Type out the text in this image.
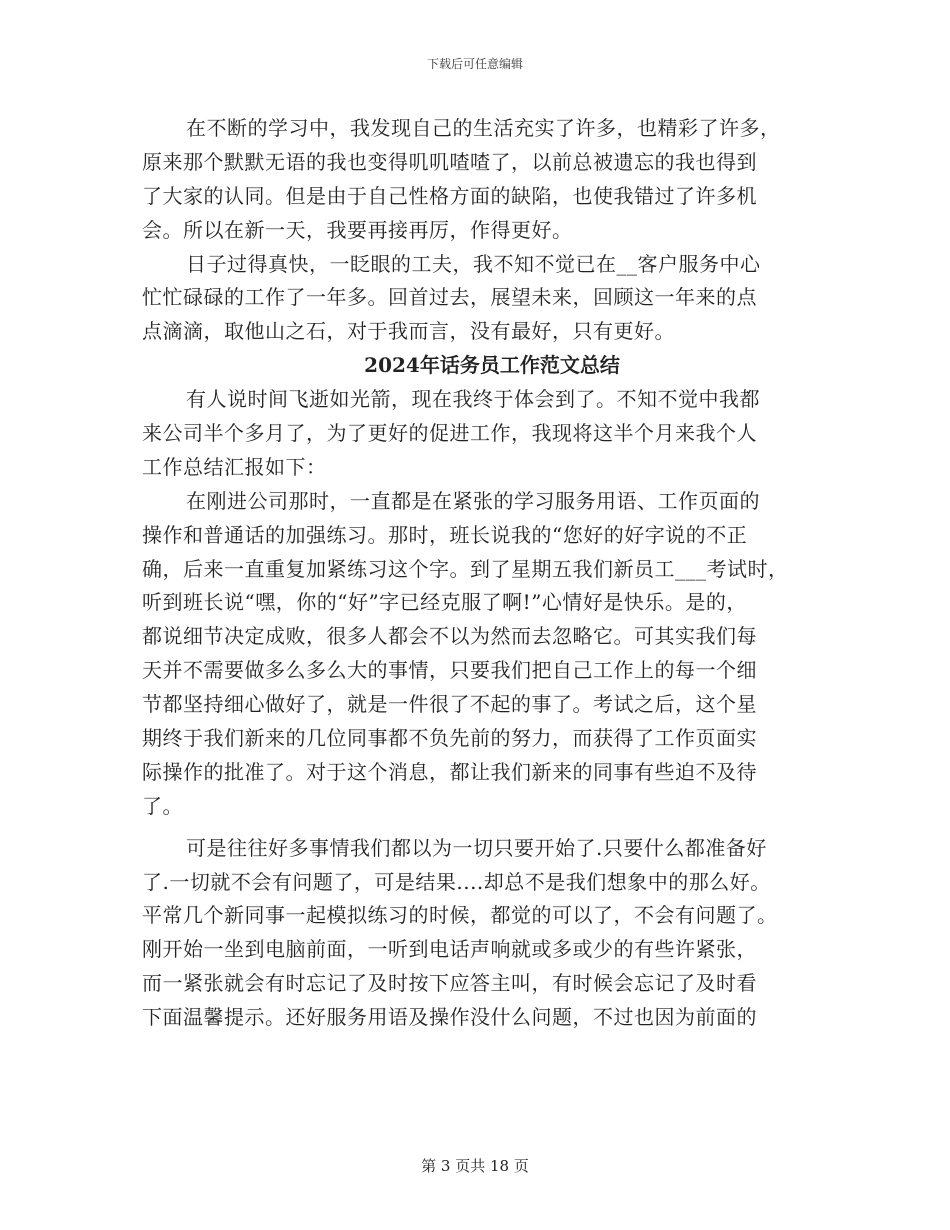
下载后可任意编辑
在不断的学习中，我发现自己的生活充实了许多，也精彩了许多，
原来那个默默无语的我也变得叽叽喳喳了，以前总被遗忘的我也得到
了大家的认同。但是由于自己性格方面的缺陷，也使我错过了许多机
会。所以在新一天，我要再接再厉，作得更好。
日子过得真快，一眨眼的工夫，我不知不觉已在__客户服务中心
忙忙碌碌的工作了一年多。回首过去，展望未来，回顾这一年来的点
点滴滴，取他山之石，对于我而言，没有最好，只有更好。
2024年话务员工作范文总结
有人说时间飞逝如光箭，现在我终于体会到了。不知不觉中我都
来公司半个多月了，为了更好的促进工作，我现将这半个月来我个人
工作总结汇报如下：
在刚进公司那时，一直都是在紧张的学习服务用语、工作页面的
操作和普通话的加强练习。那时，班长说我的“您好的好字说的不正
确，后来一直重复加紧练习这个字。到了星期五我们新员工___考试时，
听到班长说“嘿，你的“好”字已经克服了啊!”心情好是快乐。是的，
都说细节决定成败，很多人都会不以为然而去忽略它。可其实我们每
天并不需要做多么多么大的事情，只要我们把自己工作上的每一个细
节都坚持细心做好了，就是一件很了不起的事了。考试之后，这个星
期终于我们新来的几位同事都不负先前的努力，而获得了工作页面实
际操作的批准了。对于这个消息，都让我们新来的同事有些迫不及待
了。
可是往往好多事情我们都以为一切只要开始了.只要什么都准备好
了.一切就不会有问题了，可是结果....却总不是我们想象中的那么好。
平常几个新同事一起模拟练习的时候，都觉的可以了，不会有问题了。
刚开始一坐到电脑前面，一听到电话声响就或多或少的有些许紧张，
而一紧张就会有时忘记了及时按下应答主叫，有时候会忘记了及时看
下面温馨提示。还好服务用语及操作没什么问题，不过也因为前面的
第 3 页共 18 页
